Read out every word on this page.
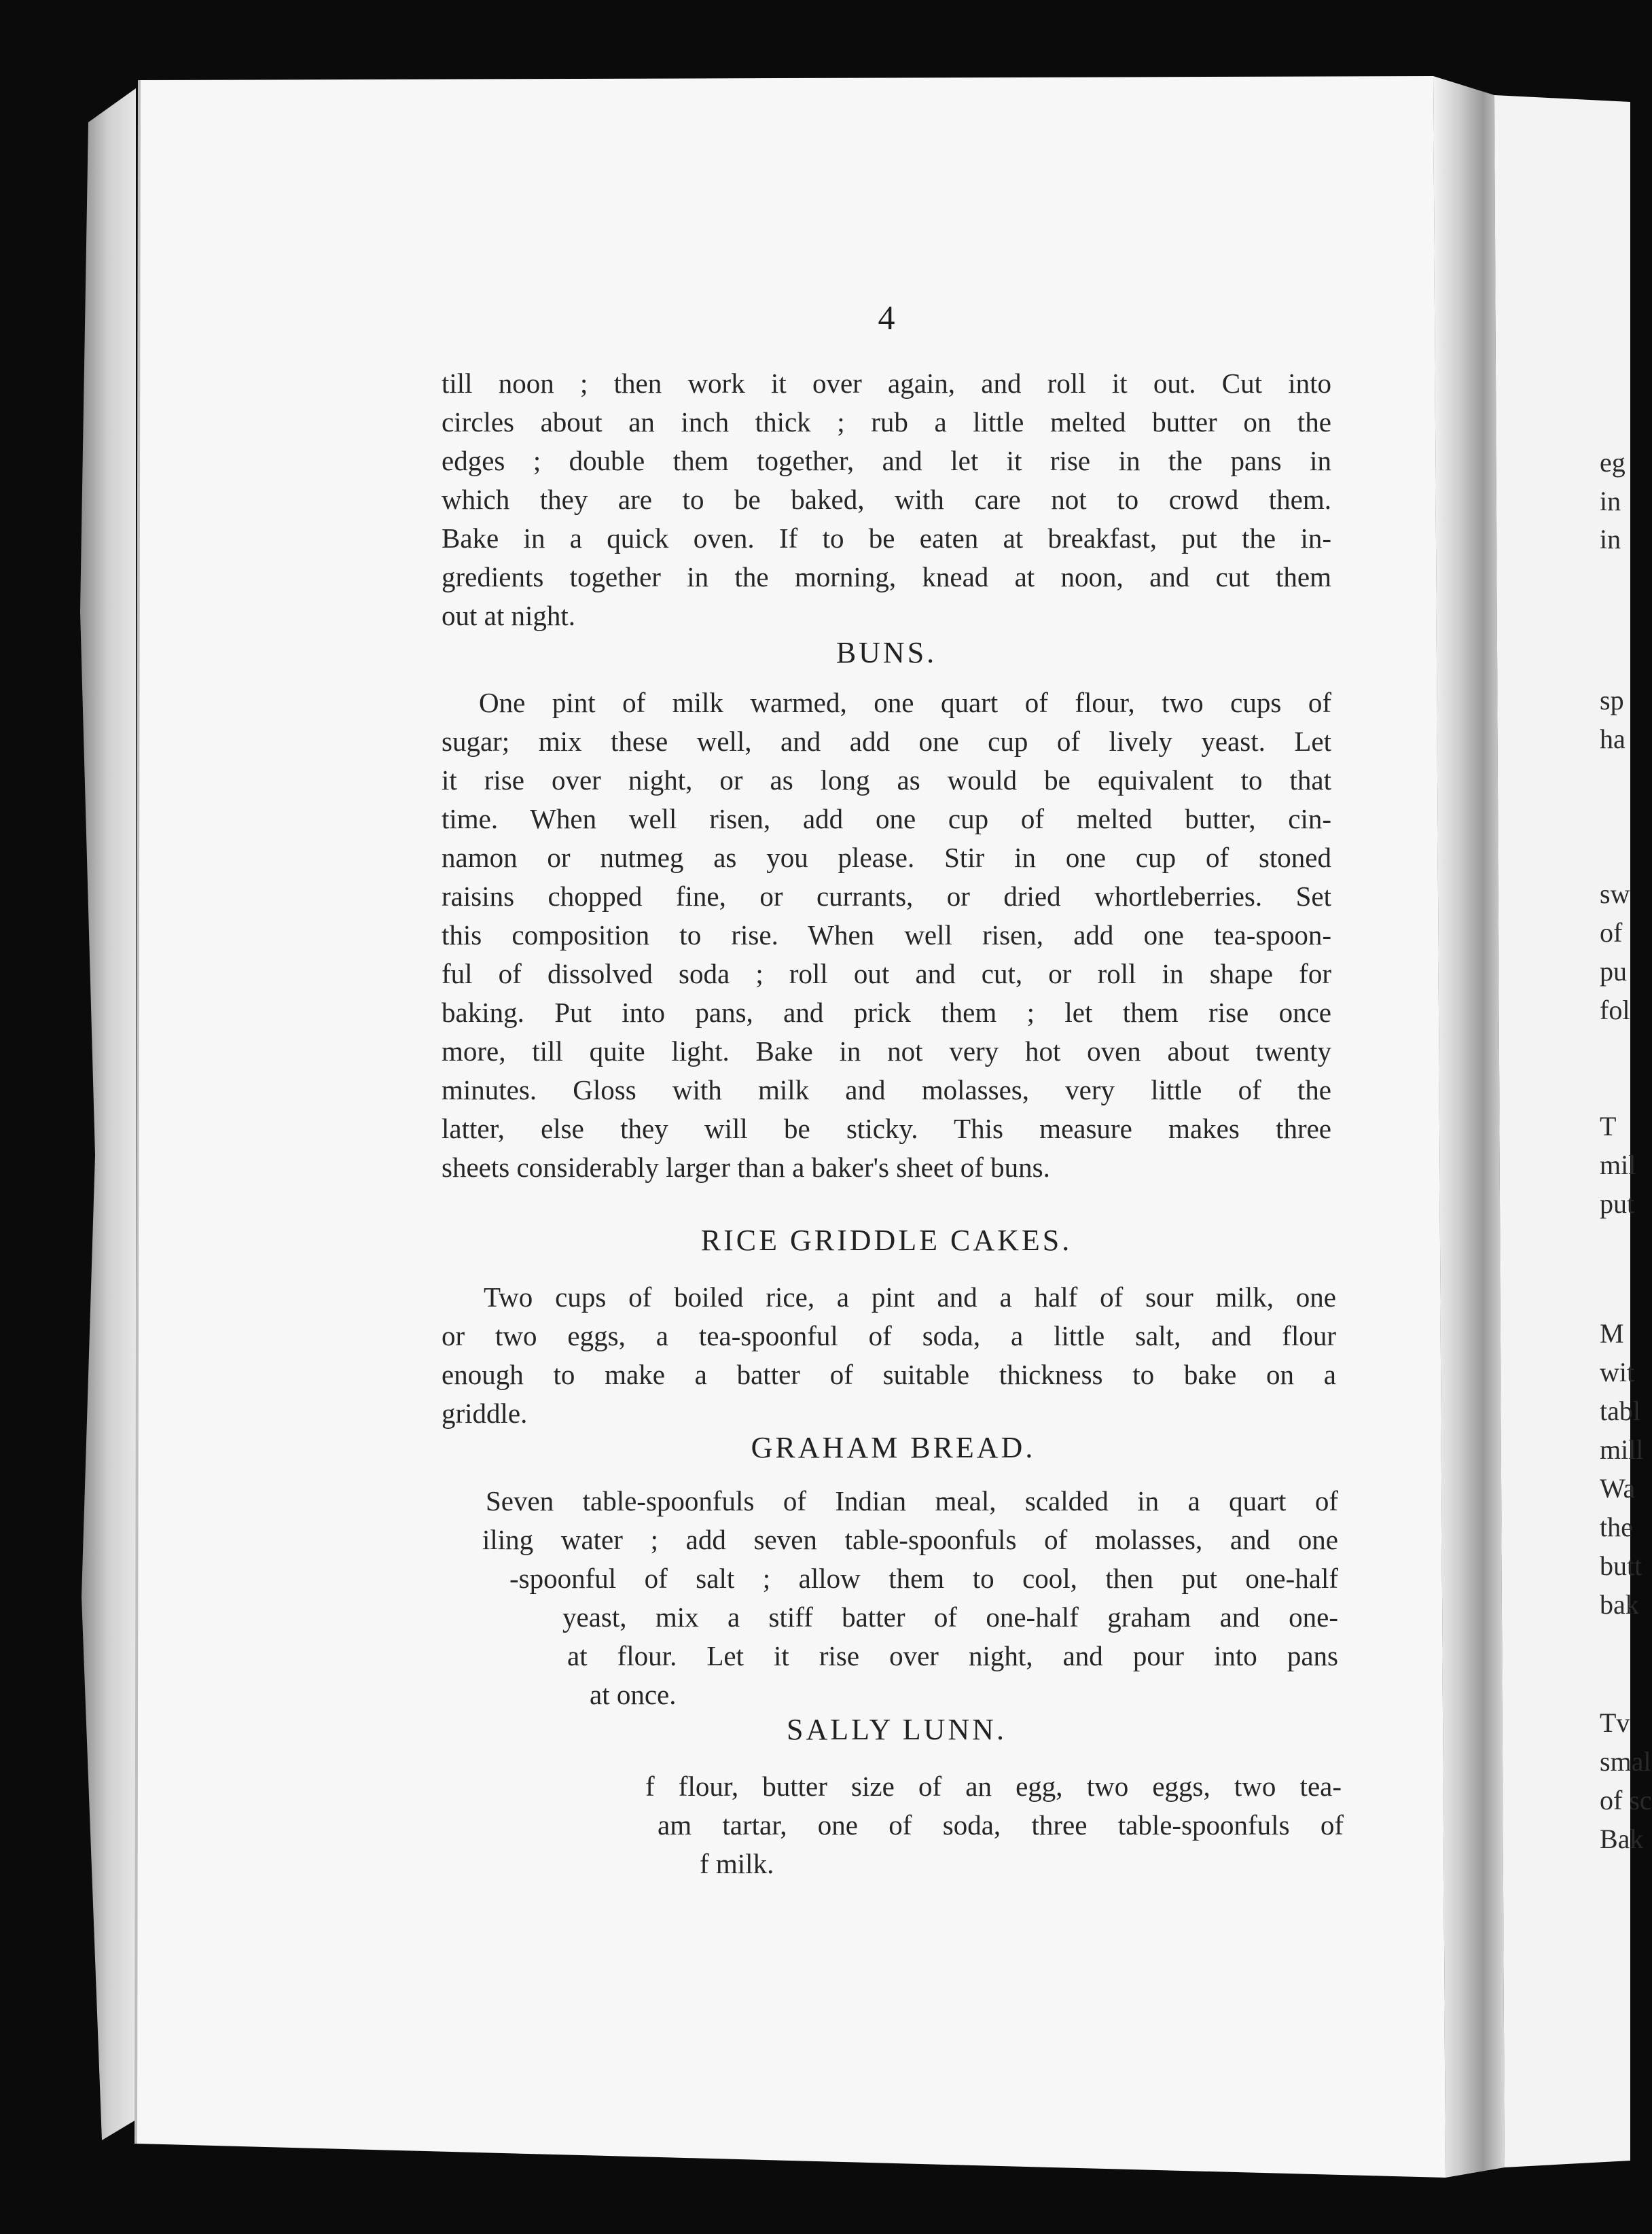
4
till noon ; then work it over again, and roll it out. Cut into
circles about an inch thick ; rub a little melted butter on the
edges ; double them together, and let it rise in the pans in
which they are to be baked, with care not to crowd them.
Bake in a quick oven. If to be eaten at breakfast, put the in-
gredients together in the morning, knead at noon, and cut them
out at night.
BUNS.
One pint of milk warmed, one quart of flour, two cups of
sugar; mix these well, and add one cup of lively yeast. Let
it rise over night, or as long as would be equivalent to that
time. When well risen, add one cup of melted butter, cin-
namon or nutmeg as you please. Stir in one cup of stoned
raisins chopped fine, or currants, or dried whortleberries. Set
this composition to rise. When well risen, add one tea-spoon-
ful of dissolved soda ; roll out and cut, or roll in shape for
baking. Put into pans, and prick them ; let them rise once
more, till quite light. Bake in not very hot oven about twenty
minutes. Gloss with milk and molasses, very little of the
latter, else they will be sticky. This measure makes three
sheets considerably larger than a baker's sheet of buns.
RICE GRIDDLE CAKES.
Two cups of boiled rice, a pint and a half of sour milk, one
or two eggs, a tea-spoonful of soda, a little salt, and flour
enough to make a batter of suitable thickness to bake on a
griddle.
GRAHAM BREAD.
Seven table-spoonfuls of Indian meal, scalded in a quart of
iling water ; add seven table-spoonfuls of molasses, and one
-spoonful of salt ; allow them to cool, then put one-half
yeast, mix a stiff batter of one-half graham and one-
at flour. Let it rise over night, and pour into pans
at once.
SALLY LUNN.
f flour, butter size of an egg, two eggs, two tea-
am tartar, one of soda, three table-spoonfuls of
f milk.
eg
in
in
sp
ha
sw
of
pu
fol
T
mil
put
M
wit
tabl
mill
Wa
the
butt
bak
Tv
smal
of sc
Bak
